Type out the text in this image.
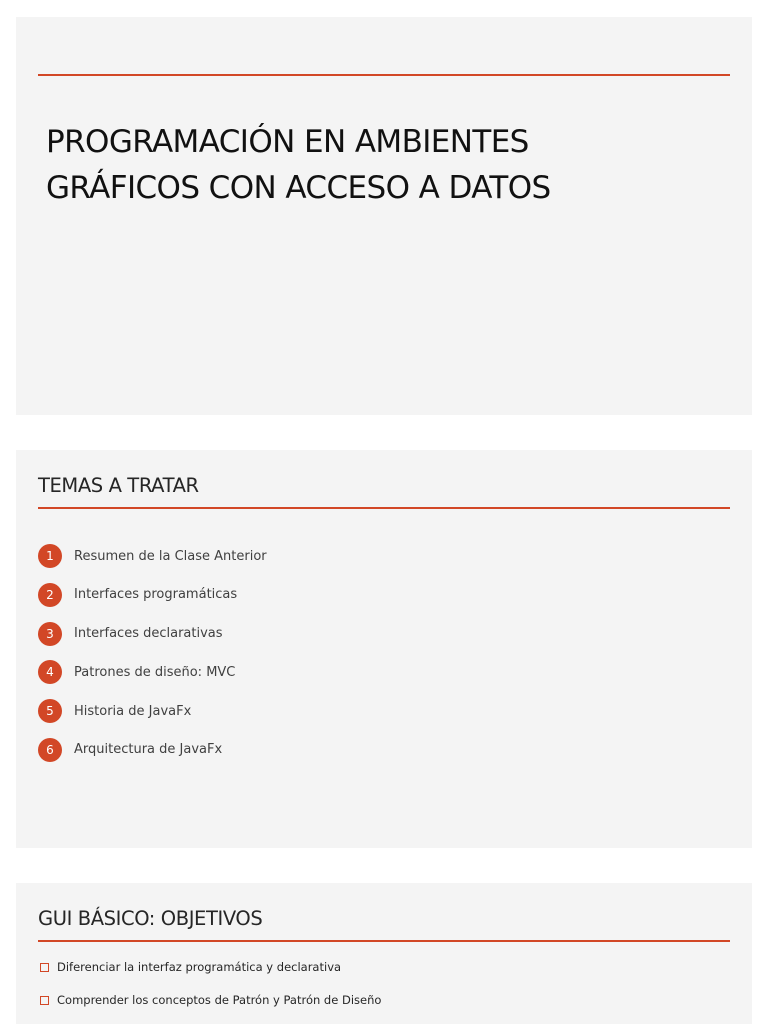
PROGRAMACIÓN EN AMBIENTES
GRÁFICOS CON ACCESO A DATOS
TEMAS A TRATAR
1	Resumen de la Clase Anterior
2	Interfaces programáticas
3	Interfaces declarativas
4	Patrones de diseño: MVC
5	Historia de JavaFx
6	Arquitectura de JavaFx
GUI BÁSICO: OBJETIVOS
Diferenciar la interfaz programática y declarativa
Comprender los conceptos de Patrón y Patrón de Diseño
